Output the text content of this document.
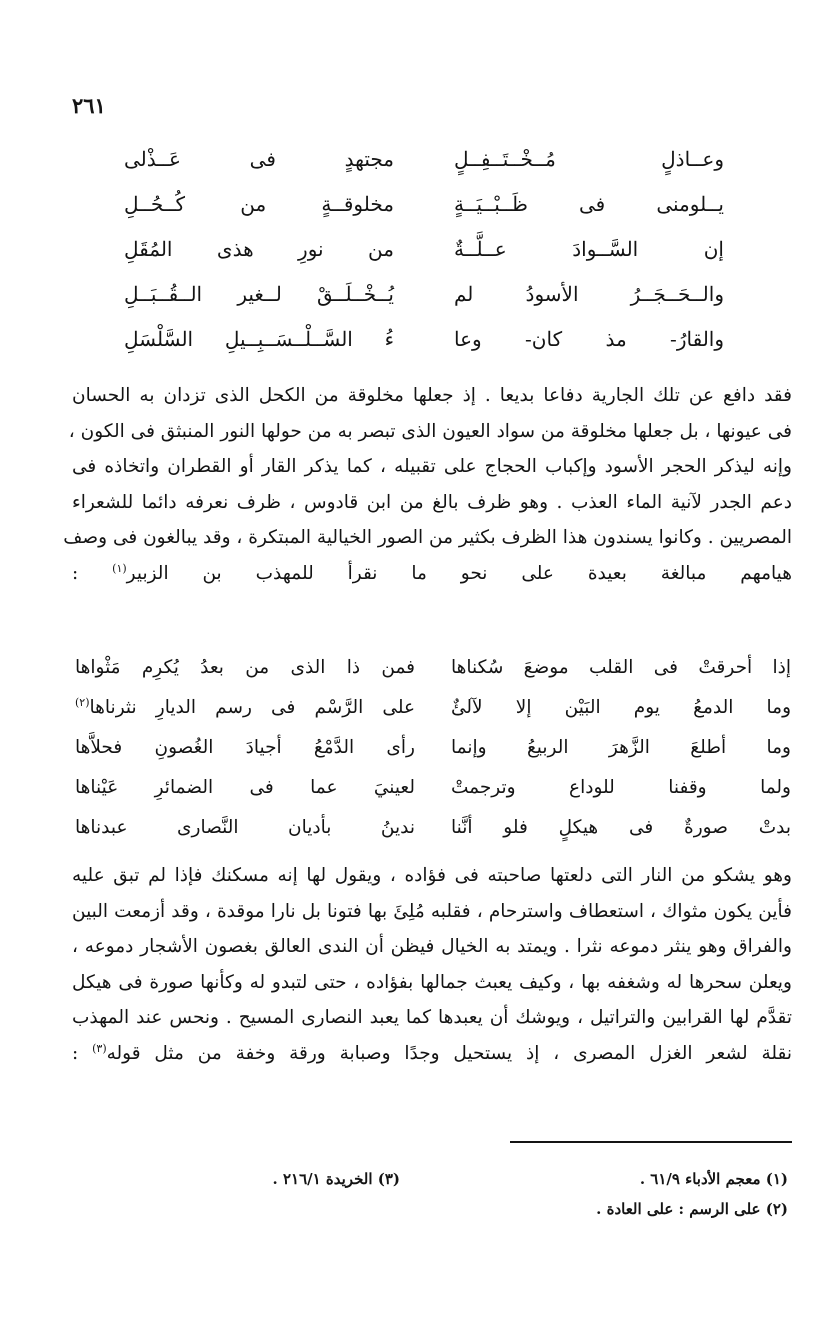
٢٦١
وعــاذلٍ مُــخْــتَــفِــلٍ
مجتهدٍ فى عَــذْلى
يــلومنى فى ظَــبْــيَــةٍ
مخلوقــةٍ من كُــحُــلِ
إن السَّــوادَ عــلَّــةٌ
من نورِ هذى المُقَلِ
والــحَــجَــرُ الأسودُ لم
يُــخْــلَــقْ لــغير الــقُــبَــلِ
والقارُ- مذ كان- وعا
ءُ السَّــلْــسَــبِــيلِ السَّلْسَلِ
فقد دافع عن تلك الجارية دفاعا بديعا . إذ جعلها مخلوقة من الكحل الذى تزدان به الحسان
فى عيونها ، بل جعلها مخلوقة من سواد العيون الذى تبصر به من حولها النور المنبثق فى الكون ،
وإنه ليذكر الحجر الأسود وإكباب الحجاج على تقبيله ، كما يذكر القار أو القطران واتخاذه فى
دعم الجدر لآنية الماء العذب . وهو ظرف بالغ من ابن قادوس ، ظرف نعرفه دائما للشعراء
المصريين . وكانوا يسندون هذا الظرف بكثير من الصور الخيالية المبتكرة ، وقد يبالغون فى وصف
هيامهم مبالغة بعيدة على نحو ما نقرأ للمهذب بن الزبير$^{(١)}$ :
إذا أحرقتْ فى القلب موضعَ سُكناها
فمن ذا الذى من بعدُ يُكرِم مَثْواها
وما الدمعُ يوم البَيْن إلا لآلئٌ
على الرَّسْم فى رسم الديارِ نثرناها$^{(٢)}$
وما أطلعَ الزَّهرَ الربيعُ وإنما
رأى الدَّمْعُ أجيادَ الغُصونِ فحلاَّها
ولما وقفنا للوداع وترجمتْ
لعينيَ عما فى الضمائرِ عَيْناها
بدتْ صورةٌ فى هيكلٍ فلو أنَّنا
ندينُ بأديان النَّصارى عبدناها
وهو يشكو من النار التى دلعتها صاحبته فى فؤاده ، ويقول لها إنه مسكنك فإذا لم تبق عليه
فأين يكون مثواك ، استعطاف واسترحام ، فقلبه مُلِئَ بها فتونا بل نارا موقدة ، وقد أزمعت البين
والفراق وهو ينثر دموعه نثرا . ويمتد به الخيال فيظن أن الندى العالق بغصون الأشجار دموعه ،
ويعلن سحرها له وشغفه بها ، وكيف يعبث جمالها بفؤاده ، حتى لتبدو له وكأنها صورة فى هيكل
تقدَّم لها القرابين والتراتيل ، ويوشك أن يعبدها كما يعبد النصارى المسيح . ونحس عند المهذب
نقلة لشعر الغزل المصرى ، إذ يستحيل وجدًا وصبابة ورقة وخفة من مثل قوله$^{(٣)}$ :
(١) معجم الأدباء ٦١/٩ .
(٢) على الرسم : على العادة .
(٣) الخريدة ٢١٦/١ .
